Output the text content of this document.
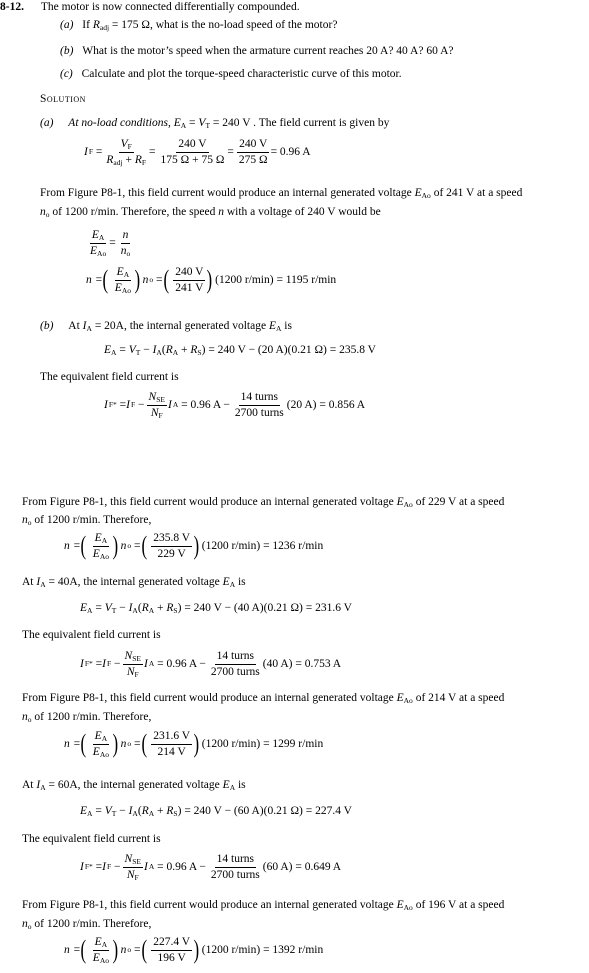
8-12. The motor is now connected differentially compounded.
(a) If $R_{adj} = 175$ Ω, what is the no-load speed of the motor?
(b) What is the motor’s speed when the armature current reaches 20 A? 40 A? 60 A?
(c) Calculate and plot the torque-speed characteristic curve of this motor.
Solution
(a) At no-load conditions, $E_A = V_T = 240$ V . The field current is given by
I $F = \frac{V_F}{R_{adj} + R_F} = \frac{240 V}{175 \Omega + 75 \Omega} = \frac{240 V}{275 \Omega} = 0.96$ A
From Figure P8-1, this field current would produce an internal generated voltage $E_{Ao}$ of 241 V at a speed
$n_o$ of 1200 r/min. Therefore, the speed n with a voltage of 240 V would be
$\frac{E_A}{E_{Ao}} = \frac{n}{n_o}$
n = ( $\frac{E_A}{E_{Ao}}$ ) n o = ( $\frac{240 V}{241 V}$ ) (1200 r/min) = 1195 r/min
(b) At $I_A = 20A$, the internal generated voltage $E_A$ is
$E_A = V_T - I_A(R_A + R_S) = 240$ V − (20 A)(0.21 Ω) = 235.8 V
The equivalent field current is
I F * = I $F - \frac{N_{SE}}{N_F}$ I A
= 0.96 $A - \frac{\text{14 turns}}{\text{2700 turns}} (20$ A) = 0.856 A
From Figure P8-1, this field current would produce an internal generated voltage $E_{Ao}$ of 229 V at a speed
$n_o$ of 1200 r/min. Therefore,
n = ( $\frac{E_A}{E_{Ao}}$ ) n o = ( $\frac{235.8 V}{229 V}$ ) (1200 r/min) = 1236 r/min
At $I_A = 40A$, the internal generated voltage $E_A$ is
$E_A = V_T - I_A(R_A + R_S) = 240$ V − (40 A)(0.21 Ω) = 231.6 V
The equivalent field current is
I F * = I $F - \frac{N_{SE}}{N_F}$ I A
= 0.96 $A - \frac{\text{14 turns}}{\text{2700 turns}} (40$ A) = 0.753 A
From Figure P8-1, this field current would produce an internal generated voltage $E_{Ao}$ of 214 V at a speed
$n_o$ of 1200 r/min. Therefore,
n = ( $\frac{E_A}{E_{Ao}}$ ) n o = ( $\frac{231.6 V}{214 V}$ ) (1200 r/min) = 1299 r/min
At $I_A = 60A$, the internal generated voltage $E_A$ is
$E_A = V_T - I_A(R_A + R_S) = 240$ V − (60 A)(0.21 Ω) = 227.4 V
The equivalent field current is
I F * = I $F - \frac{N_{SE}}{N_F}$ I A
= 0.96 $A - \frac{\text{14 turns}}{\text{2700 turns}} (60$ A) = 0.649 A
From Figure P8-1, this field current would produce an internal generated voltage $E_{Ao}$ of 196 V at a speed
$n_o$ of 1200 r/min. Therefore,
n = ( $\frac{E_A}{E_{Ao}}$ ) n o = ( $\frac{227.4 V}{196 V}$ ) (1200 r/min) = 1392 r/min
